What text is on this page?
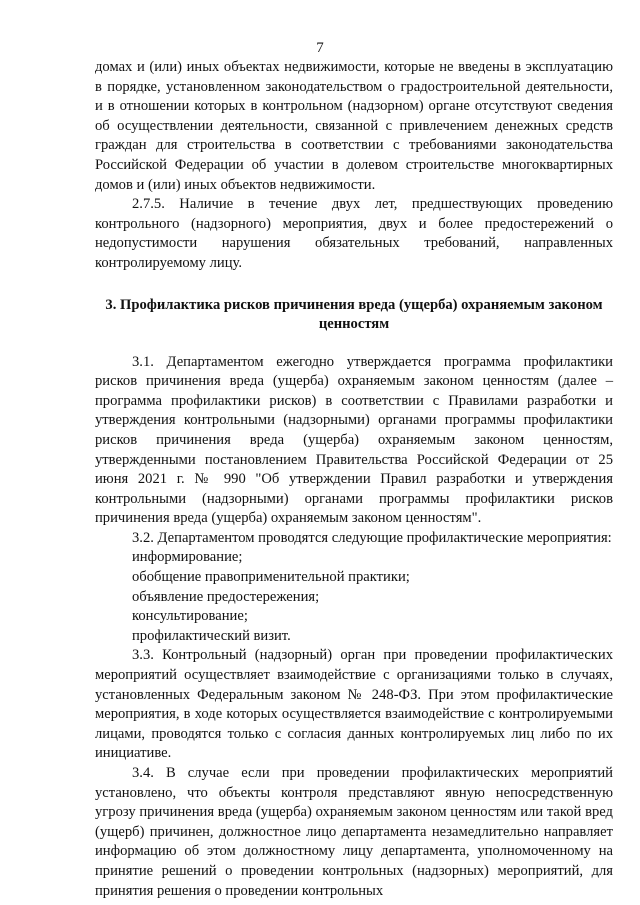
7

домах и (или) иных объектах недвижимости, которые не введены в эксплуатацию в порядке, установленном законодательством о градостроительной деятельности, и в отношении которых в контрольном (надзорном) органе отсутствуют сведения об осуществлении деятельности, связанной с привлечением денежных средств граждан для строительства в соответствии с требованиями законодательства Российской Федерации об участии в долевом строительстве многоквартирных домов и (или) иных объектов недвижимости.

2.7.5. Наличие в течение двух лет, предшествующих проведению контрольного (надзорного) мероприятия, двух и более предостережений о недопустимости нарушения обязательных требований, направленных контролируемому лицу.

3. Профилактика рисков причинения вреда (ущерба) охраняемым законом ценностям

3.1. Департаментом ежегодно утверждается программа профилактики рисков причинения вреда (ущерба) охраняемым законом ценностям (далее – программа профилактики рисков) в соответствии с Правилами разработки и утверждения контрольными (надзорными) органами программы профилактики рисков причинения вреда (ущерба) охраняемым законом ценностям, утвержденными постановлением Правительства Российской Федерации от 25 июня 2021 г. № 990 "Об утверждении Правил разработки и утверждения контрольными (надзорными) органами программы профилактики рисков причинения вреда (ущерба) охраняемым законом ценностям".

3.2. Департаментом проводятся следующие профилактические мероприятия:

информирование;

обобщение правоприменительной практики;

объявление предостережения;

консультирование;

профилактический визит.

3.3. Контрольный (надзорный) орган при проведении профилактических мероприятий осуществляет взаимодействие с организациями только в случаях, установленных Федеральным законом № 248-ФЗ. При этом профилактические мероприятия, в ходе которых осуществляется взаимодействие с контролируемыми лицами, проводятся только с согласия данных контролируемых лиц либо по их инициативе.

3.4. В случае если при проведении профилактических мероприятий установлено, что объекты контроля представляют явную непосредственную угрозу причинения вреда (ущерба) охраняемым законом ценностям или такой вред (ущерб) причинен, должностное лицо департамента незамедлительно направляет информацию об этом должностному лицу департамента, уполномоченному на принятие решений о проведении контрольных (надзорных) мероприятий, для принятия решения о проведении контрольных
